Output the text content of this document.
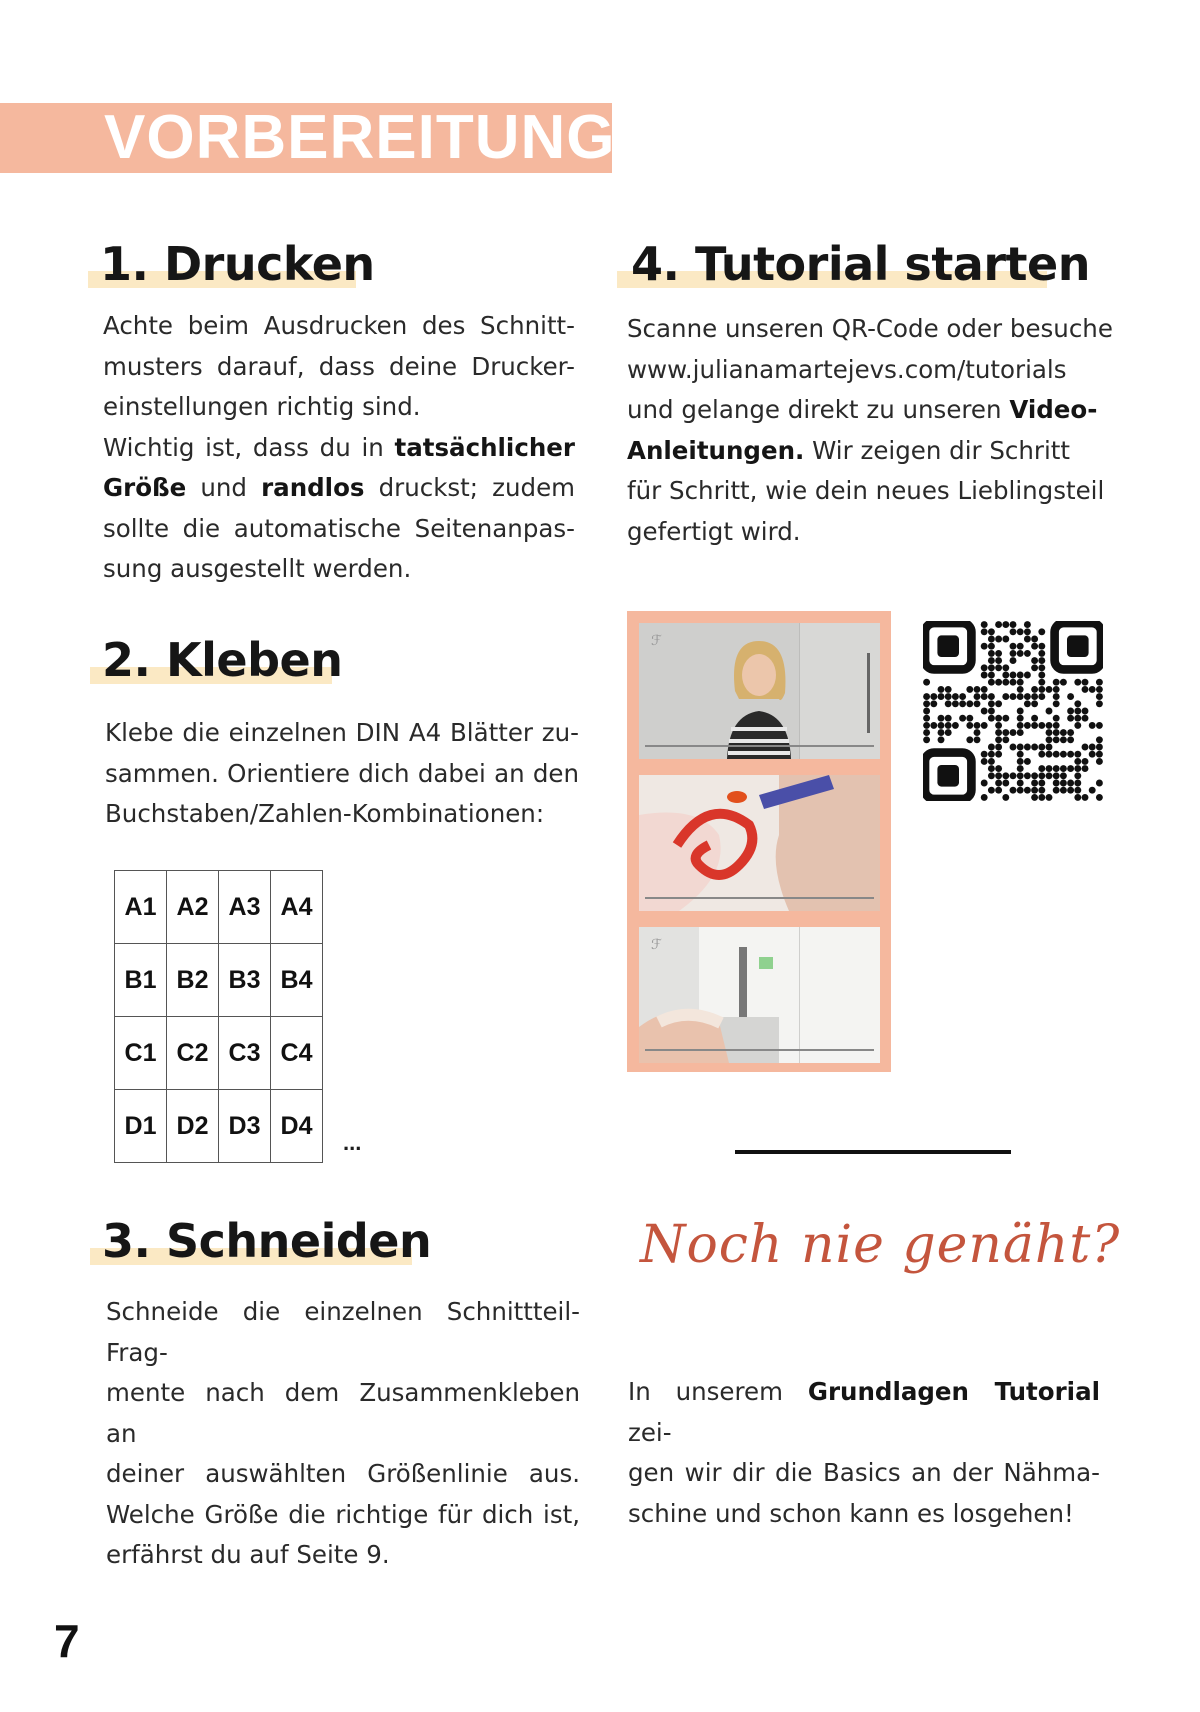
VORBEREITUNG
1. Drucken
Achte beim Ausdrucken des Schnitt-
musters darauf, dass deine Drucker-
einstellungen richtig sind.
Wichtig ist, dass du in tatsächlicher
Größe und randlos druckst; zudem
sollte die automatische Seitenanpas-
sung ausgestellt werden.
2. Kleben
Klebe die einzelnen DIN A4 Blätter zu-
sammen. Orientiere dich dabei an den
Buchstaben/Zahlen-Kombinationen:
A1 A2 A3 A4
B1 B2 B3 B4
C1 C2 C3 C4
D1 D2 D3 D4
...
3. Schneiden
Schneide die einzelnen Schnittteil-Frag-
mente nach dem Zusammenkleben an
deiner auswählten Größenlinie aus.
Welche Größe die richtige für dich ist,
erfährst du auf Seite 9.
4. Tutorial starten
Scanne unseren QR-Code oder besuche
www.julianamartejevs.com/tutorials
und gelange direkt zu unseren Video-
Anleitungen. Wir zeigen dir Schritt
für Schritt, wie dein neues Lieblingsteil
gefertigt wird.
ℱ
ℱ
Noch nie genäht?
In unserem Grundlagen Tutorial zei-
gen wir dir die Basics an der Nähma-
schine und schon kann es losgehen!
7
